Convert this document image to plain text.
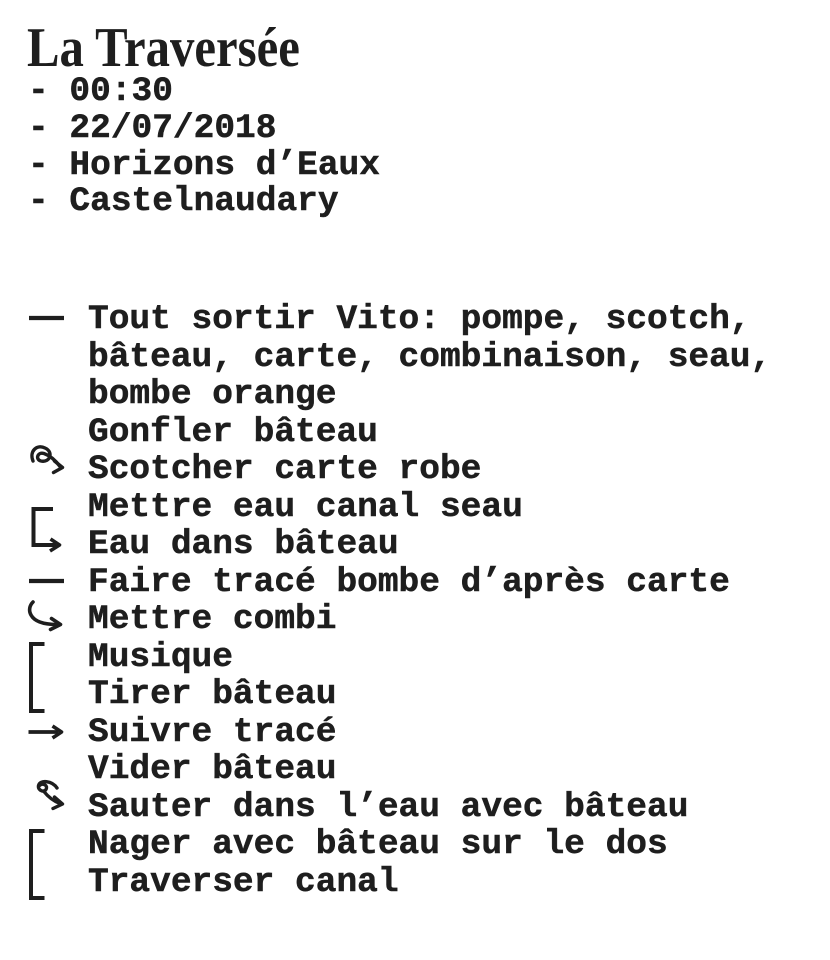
La Traversée
- 00:30
- 22/07/2018
- Horizons d’Eaux
- Castelnaudary
Tout sortir Vito: pompe, scotch,
bâteau, carte, combinaison, seau,
bombe orange
Gonfler bâteau
Scotcher carte robe
Mettre eau canal seau
Eau dans bâteau
Faire tracé bombe d’après carte
Mettre combi
Musique
Tirer bâteau
Suivre tracé
Vider bâteau
Sauter dans l’eau avec bâteau
Nager avec bâteau sur le dos
Traverser canal
